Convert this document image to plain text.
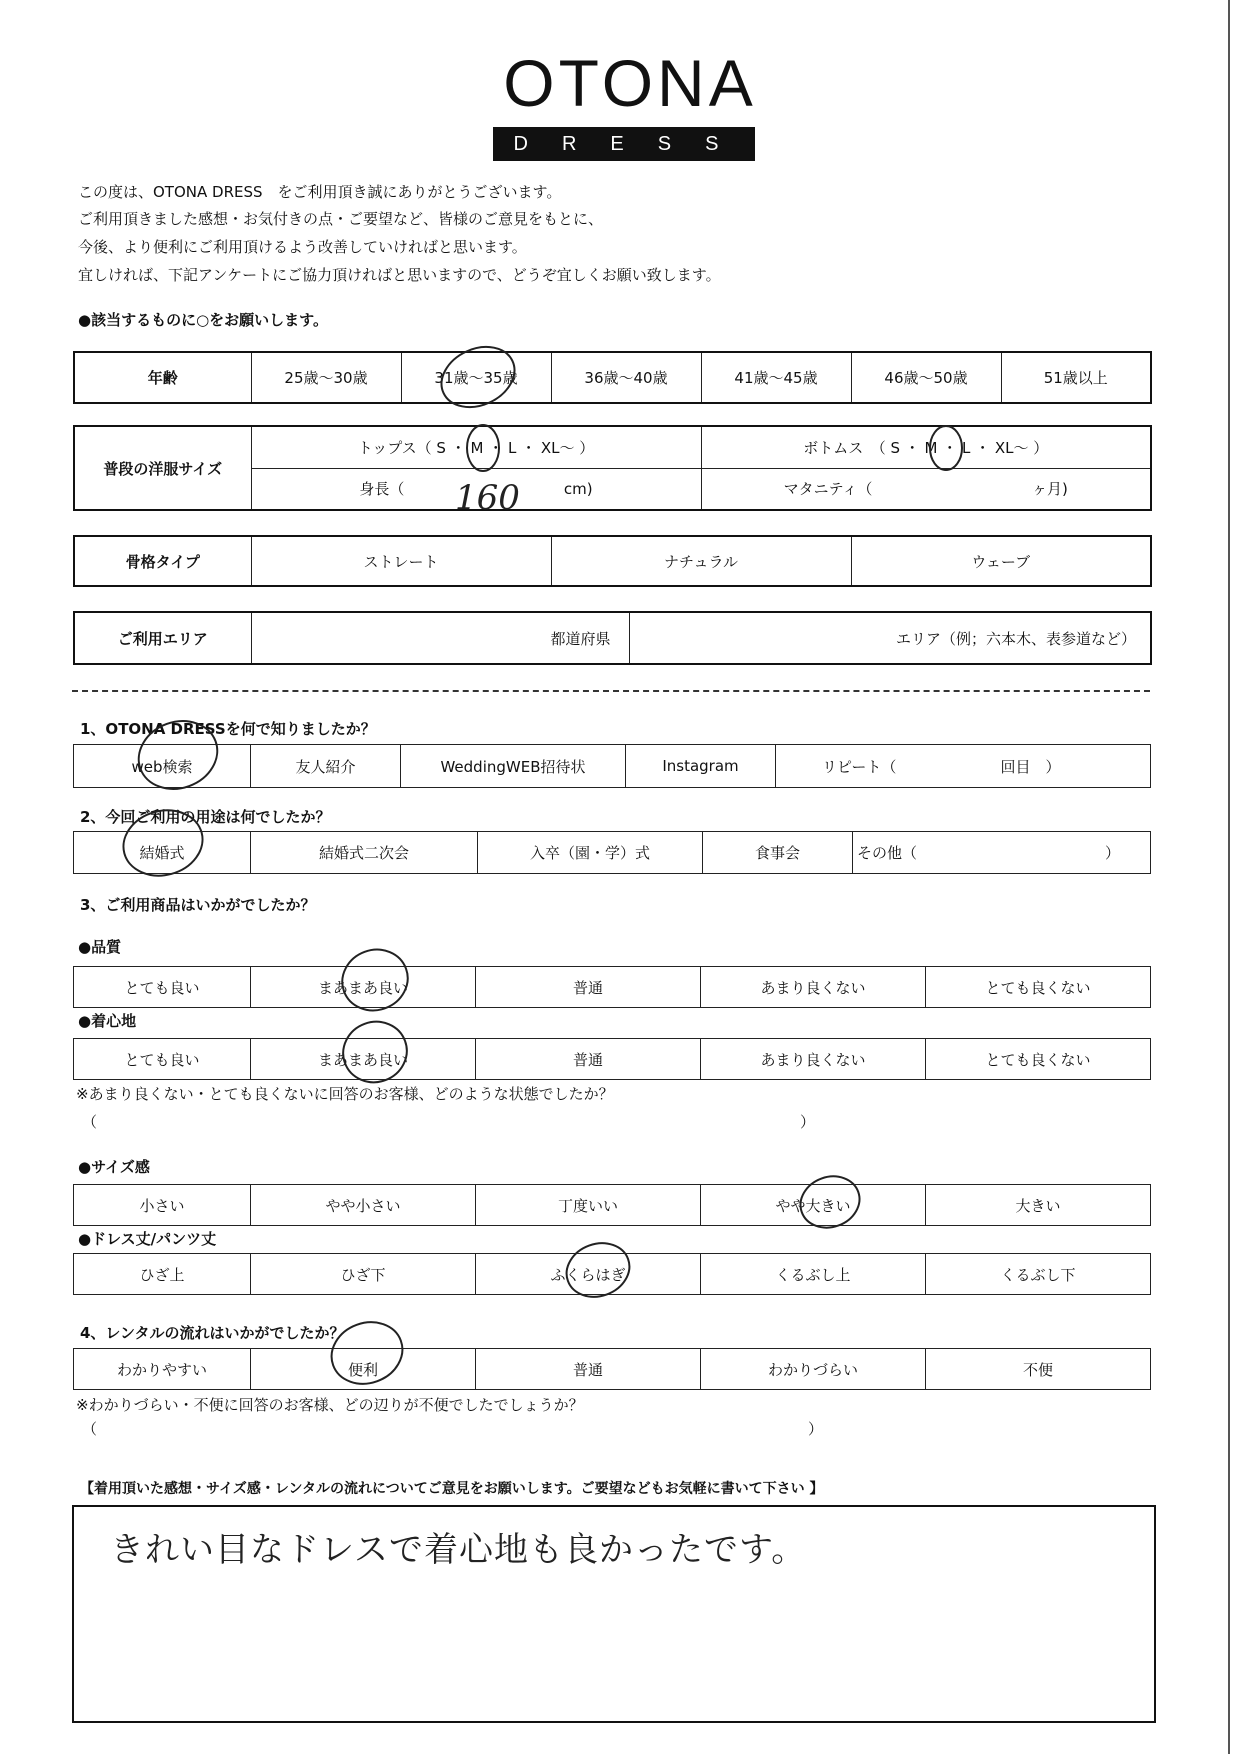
OTONA
DRESS
この度は、OTONA DRESS　をご利用頂き誠にありがとうございます。
ご利用頂きました感想・お気付きの点・ご要望など、皆様のご意見をもとに、
今後、より便利にご利用頂けるよう改善していければと思います。
宜しければ、下記アンケートにご協力頂ければと思いますので、どうぞ宜しくお願い致します。
●該当するものに○をお願いします。
年齢	25歳～30歳	31歳～35歳	36歳～40歳	41歳～45歳	46歳～50歳	51歳以上
普段の洋服サイズ	トップス（ S ・ M ・ L ・ XL～ ）	ボトムス　（ S ・ M ・ L ・ XL～ ）
	身長（ cm)	マタニティ（ ヶ月)
骨格タイプ	ストレート	ナチュラル	ウェーブ
ご利用エリア	都道府県	エリア（例；六本木、表参道など）
1、OTONA DRESSを何で知りましたか？
web検索	友人紹介	WeddingWEB招待状	Instagram	リピート（	回目　）
2、今回ご利用の用途は何でしたか？
結婚式	結婚式二次会	入卒（園・学）式	食事会	その他（	）
3、ご利用商品はいかがでしたか？
●品質
とても良い	まあまあ良い	普通	あまり良くない	とても良くない
●着心地
とても良い	まあまあ良い	普通	あまり良くない	とても良くない
※あまり良くない・とても良くないに回答のお客様、どのような状態でしたか？
（	）
●サイズ感
小さい	やや小さい	丁度いい	やや大きい	大きい
●ドレス丈/パンツ丈
ひざ上	ひざ下	ふくらはぎ	くるぶし上	くるぶし下
4、レンタルの流れはいかがでしたか？
わかりやすい	便利	普通	わかりづらい	不便
※わかりづらい・不便に回答のお客様、どの辺りが不便でしたでしょうか？
（	）
【着用頂いた感想・サイズ感・レンタルの流れについてご意見をお願いします。ご要望などもお気軽に書いて下さい 】
きれい目なドレスで着心地も良かったです。
160
